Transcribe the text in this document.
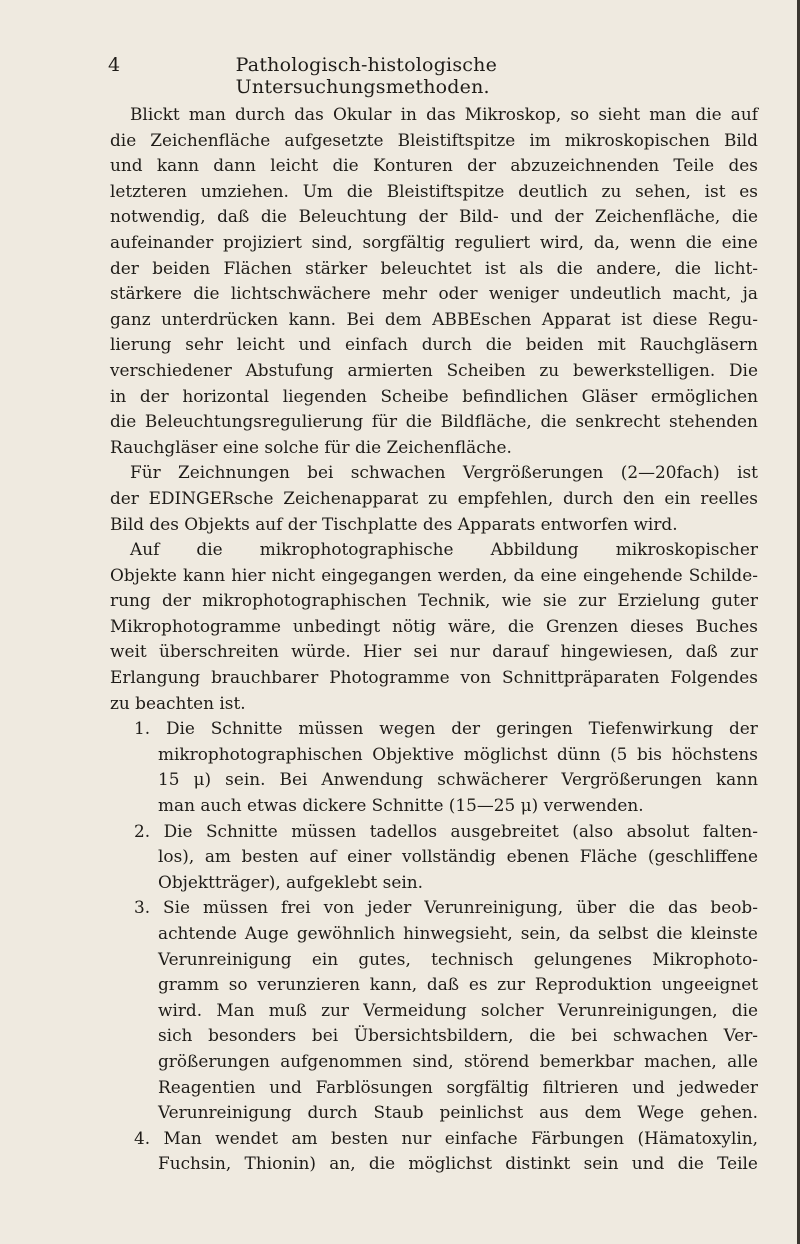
4	Pathologisch-histologische Untersuchungsmethoden.
Blickt man durch das Okular in das Mikroskop, so sieht man die auf
die Zeichenfläche aufgesetzte Bleistiftspitze im mikroskopischen Bild
und kann dann leicht die Konturen der abzuzeichnenden Teile des
letzteren umziehen. Um die Bleistiftspitze deutlich zu sehen, ist es
notwendig, daß die Beleuchtung der Bild- und der Zeichenfläche, die
aufeinander projiziert sind, sorgfältig reguliert wird, da, wenn die eine
der beiden Flächen stärker beleuchtet ist als die andere, die licht-
stärkere die lichtschwächere mehr oder weniger undeutlich macht, ja
ganz unterdrücken kann. Bei dem ABBEschen Apparat ist diese Regu-
lierung sehr leicht und einfach durch die beiden mit Rauchgläsern
verschiedener Abstufung armierten Scheiben zu bewerkstelligen. Die
in der horizontal liegenden Scheibe befindlichen Gläser ermöglichen
die Beleuchtungsregulierung für die Bildfläche, die senkrecht stehenden
Rauchgläser eine solche für die Zeichenfläche.
Für Zeichnungen bei schwachen Vergrößerungen (2—20fach) ist
der EDINGERsche Zeichenapparat zu empfehlen, durch den ein reelles
Bild des Objekts auf der Tischplatte des Apparats entworfen wird.
Auf die mikrophotographische Abbildung mikroskopischer
Objekte kann hier nicht eingegangen werden, da eine eingehende Schilde-
rung der mikrophotographischen Technik, wie sie zur Erzielung guter
Mikrophotogramme unbedingt nötig wäre, die Grenzen dieses Buches
weit überschreiten würde. Hier sei nur darauf hingewiesen, daß zur
Erlangung brauchbarer Photogramme von Schnittpräparaten Folgendes
zu beachten ist.
1. Die Schnitte müssen wegen der geringen Tiefenwirkung der
mikrophotographischen Objektive möglichst dünn (5 bis höchstens
15 μ) sein. Bei Anwendung schwächerer Vergrößerungen kann
man auch etwas dickere Schnitte (15—25 μ) verwenden.
2. Die Schnitte müssen tadellos ausgebreitet (also absolut falten-
los), am besten auf einer vollständig ebenen Fläche (geschliffene
Objektträger), aufgeklebt sein.
3. Sie müssen frei von jeder Verunreinigung, über die das beob-
achtende Auge gewöhnlich hinwegsieht, sein, da selbst die kleinste
Verunreinigung ein gutes, technisch gelungenes Mikrophoto-
gramm so verunzieren kann, daß es zur Reproduktion ungeeignet
wird. Man muß zur Vermeidung solcher Verunreinigungen, die
sich besonders bei Übersichtsbildern, die bei schwachen Ver-
größerungen aufgenommen sind, störend bemerkbar machen, alle
Reagentien und Farblösungen sorgfältig filtrieren und jedweder
Verunreinigung durch Staub peinlichst aus dem Wege gehen.
4. Man wendet am besten nur einfache Färbungen (Hämatoxylin,
Fuchsin, Thionin) an, die möglichst distinkt sein und die Teile
